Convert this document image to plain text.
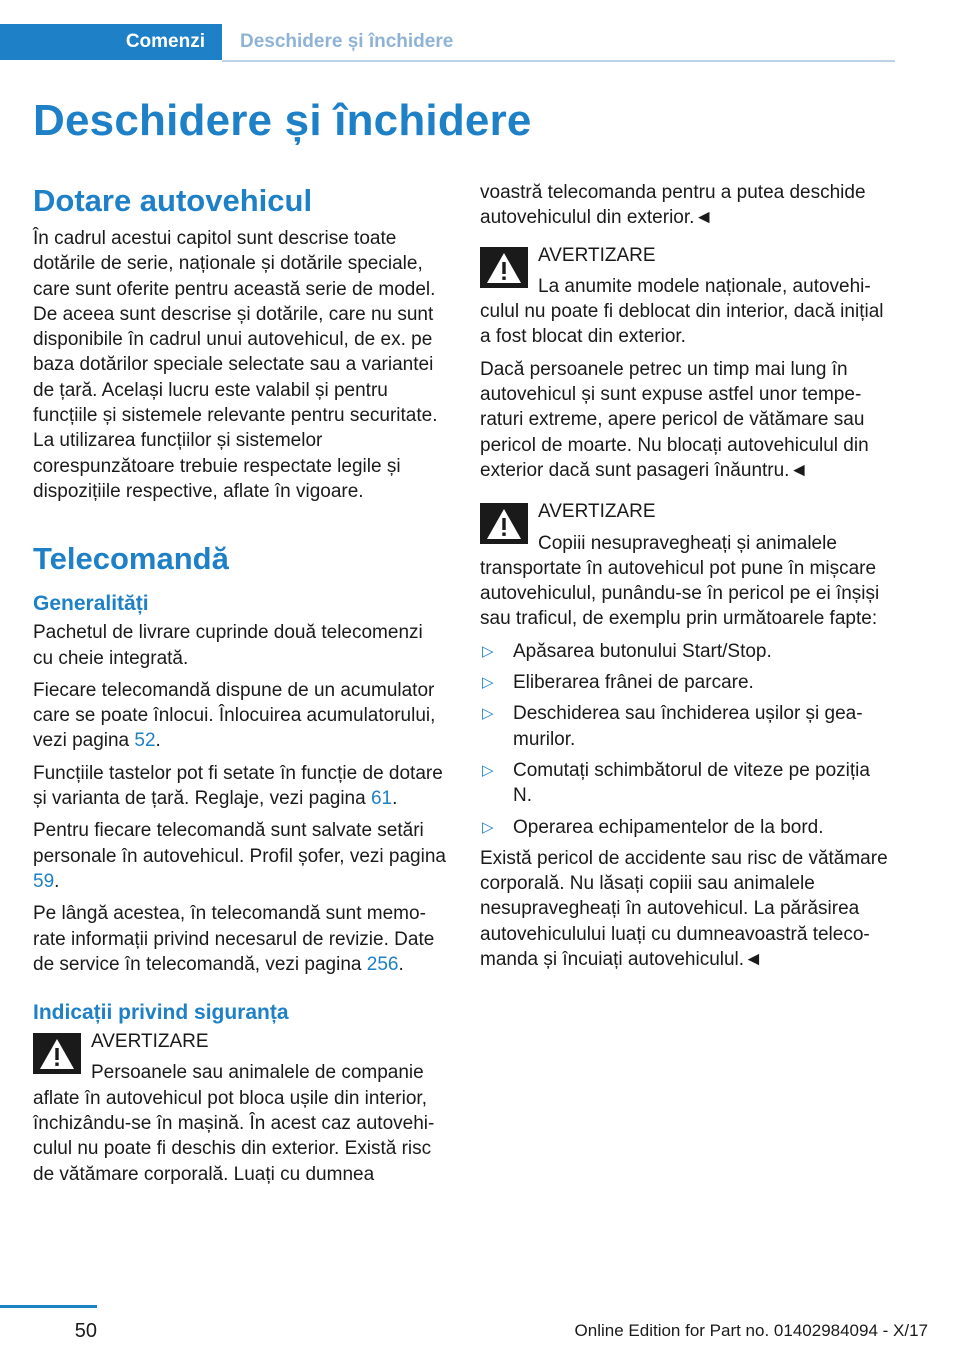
Comenzi	Deschidere și închidere
Deschidere și închidere
Dotare autovehicul

În cadrul acestui capitol sunt descrise toate dotările de serie, naționale și dotările speciale, care sunt oferite pentru această serie de model. De aceea sunt descrise și dotările, care nu sunt disponibile în cadrul unui autovehicul, de ex. pe baza dotărilor speciale selectate sau a variantei de țară. Același lucru este valabil și pentru funcțiile și sistemele relevante pentru securitate. La utilizarea funcțiilor și sistemelor corespunzătoare trebuie respectate legile și dispozițiile respective, aflate în vigoare.

Telecomandă
Generalități

Pachetul de livrare cuprinde două telecomenzi cu cheie integrată.

Fiecare telecomandă dispune de un acumulator care se poate înlocui. Înlocuirea acumulatorului, vezi pagina 52.

Funcțiile tastelor pot fi setate în funcție de dotare și varianta de țară. Reglaje, vezi pagina 61.

Pentru fiecare telecomandă sunt salvate setări personale în autovehicul. Profil șofer, vezi pagina 59.

Pe lângă acestea, în telecomandă sunt memorate informații privind necesarul de revizie. Date de service în telecomandă, vezi pagina 256.

Indicații privind siguranța
AVERTIZARE

Persoanele sau animalele de companie aflate în autovehicul pot bloca ușile din interior, închizându-se în mașină. În acest caz autovehiculul nu poate fi deschis din exterior. Există risc de vătămare corporală. Luați cu dumnea

voastră telecomanda pentru a putea deschide autovehiculul din exterior.◄

AVERTIZARE

La anumite modele naționale, autovehiculul nu poate fi deblocat din interior, dacă inițial a fost blocat din exterior.

Dacă persoanele petrec un timp mai lung în autovehicul și sunt expuse astfel unor temperaturi extreme, apere pericol de vătămare sau pericol de moarte. Nu blocați autovehiculul din exterior dacă sunt pasageri înăuntru.◄

AVERTIZARE

Copiii nesupravegheați și animalele transportate în autovehicul pot pune în mișcare autovehiculul, punându-se în pericol pe ei înșiși sau traficul, de exemplu prin următoarele fapte:

▷ Apăsarea butonului Start/Stop.
▷ Eliberarea frânei de parcare.
▷ Deschiderea sau închiderea ușilor și geamurilor.
▷ Comutați schimbătorul de viteze pe poziția N.
▷ Operarea echipamentelor de la bord.

Există pericol de accidente sau risc de vătămare corporală. Nu lăsați copiii sau animalele nesupravegheați în autovehicul. La părăsirea autovehiculului luați cu dumneavoastră telecomanda și încuiați autovehiculul.◄

50	Online Edition for Part no. 01402984094 - X/17
